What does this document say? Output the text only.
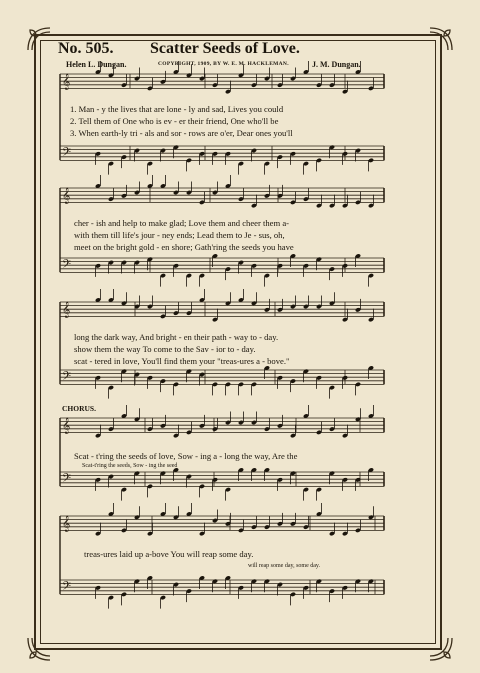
No. 505. Scatter Seeds of Love.
Helen L. Dungan.	COPYRIGHT, 1909, BY W. E. M. HACKLEMAN.	J. M. Dungan.
𝄞
𝄢
𝄞
𝄢
𝄞
𝄢
𝄞
𝄢
𝄞
𝄢
1. Man - y the lives that are lone - ly and sad, Lives you could
2. Tell them of One who is ev - er their friend, One who'll be
3. When earth-ly tri - als and sor - rows are o'er, Dear ones you'll
cher - ish and help to make glad; Love them and cheer them a-
with them till life's jour - ney ends; Lead them to Je - sus, oh,
meet on the bright gold - en shore; Gath'ring the seeds you have
long the dark way, And bright - en their path - way to - day.
show them the way To come to the Sav - ior to - day.
scat - tered in love, You'll find them your "treas-ures a - bove."
CHORUS.
Scat - t'ring the seeds of love, Sow - ing a - long the way, Are the
Scat-t'ring the seeds, Sow - ing the seed
treas-ures laid up a-bove You will reap some day.
will reap some day, some day.
